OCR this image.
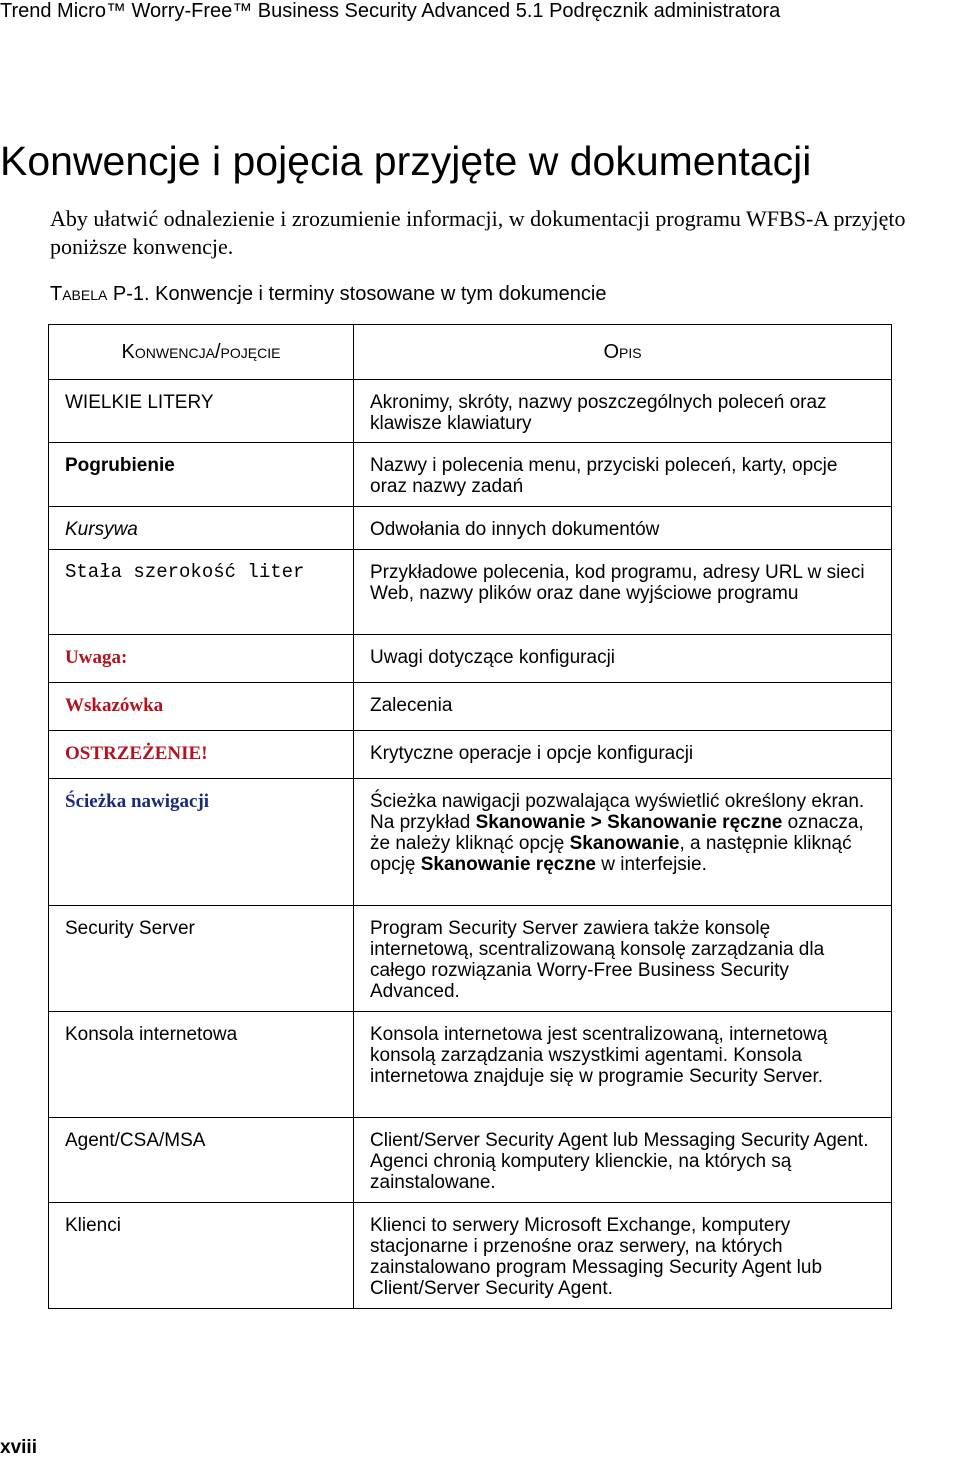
Trend Micro™ Worry-Free™ Business Security Advanced 5.1 Podręcznik administratora
Konwencje i pojęcia przyjęte w dokumentacji

Aby ułatwić odnalezienie i zrozumienie informacji, w dokumentacji programu WFBS-A przyjęto poniższe konwencje.

Tabela P-1. Konwencje i terminy stosowane w tym dokumencie

Konwencja/pojęcie	Opis
WIELKIE LITERY	Akronimy, skróty, nazwy poszczególnych poleceń oraz klawisze klawiatury
Pogrubienie	Nazwy i polecenia menu, przyciski poleceń, karty, opcje oraz nazwy zadań
Kursywa	Odwołania do innych dokumentów
Stała szerokość liter	Przykładowe polecenia, kod programu, adresy URL w sieci Web, nazwy plików oraz dane wyjściowe programu
Uwaga:	Uwagi dotyczące konfiguracji
Wskazówka	Zalecenia
OSTRZEŻENIE!	Krytyczne operacje i opcje konfiguracji
Ścieżka nawigacji	Ścieżka nawigacji pozwalająca wyświetlić określony ekran. Na przykład Skanowanie > Skanowanie ręczne oznacza, że należy kliknąć opcję Skanowanie, a następnie kliknąć opcję Skanowanie ręczne w interfejsie.
Security Server	Program Security Server zawiera także konsolę internetową, scentralizowaną konsolę zarządzania dla całego rozwiązania Worry-Free Business Security Advanced.
Konsola internetowa	Konsola internetowa jest scentralizowaną, internetową konsolą zarządzania wszystkimi agentami. Konsola internetowa znajduje się w programie Security Server.
Agent/CSA/MSA	Client/Server Security Agent lub Messaging Security Agent. Agenci chronią komputery klienckie, na których są zainstalowane.
Klienci	Klienci to serwery Microsoft Exchange, komputery stacjonarne i przenośne oraz serwery, na których zainstalowano program Messaging Security Agent lub Client/Server Security Agent.
xviii
